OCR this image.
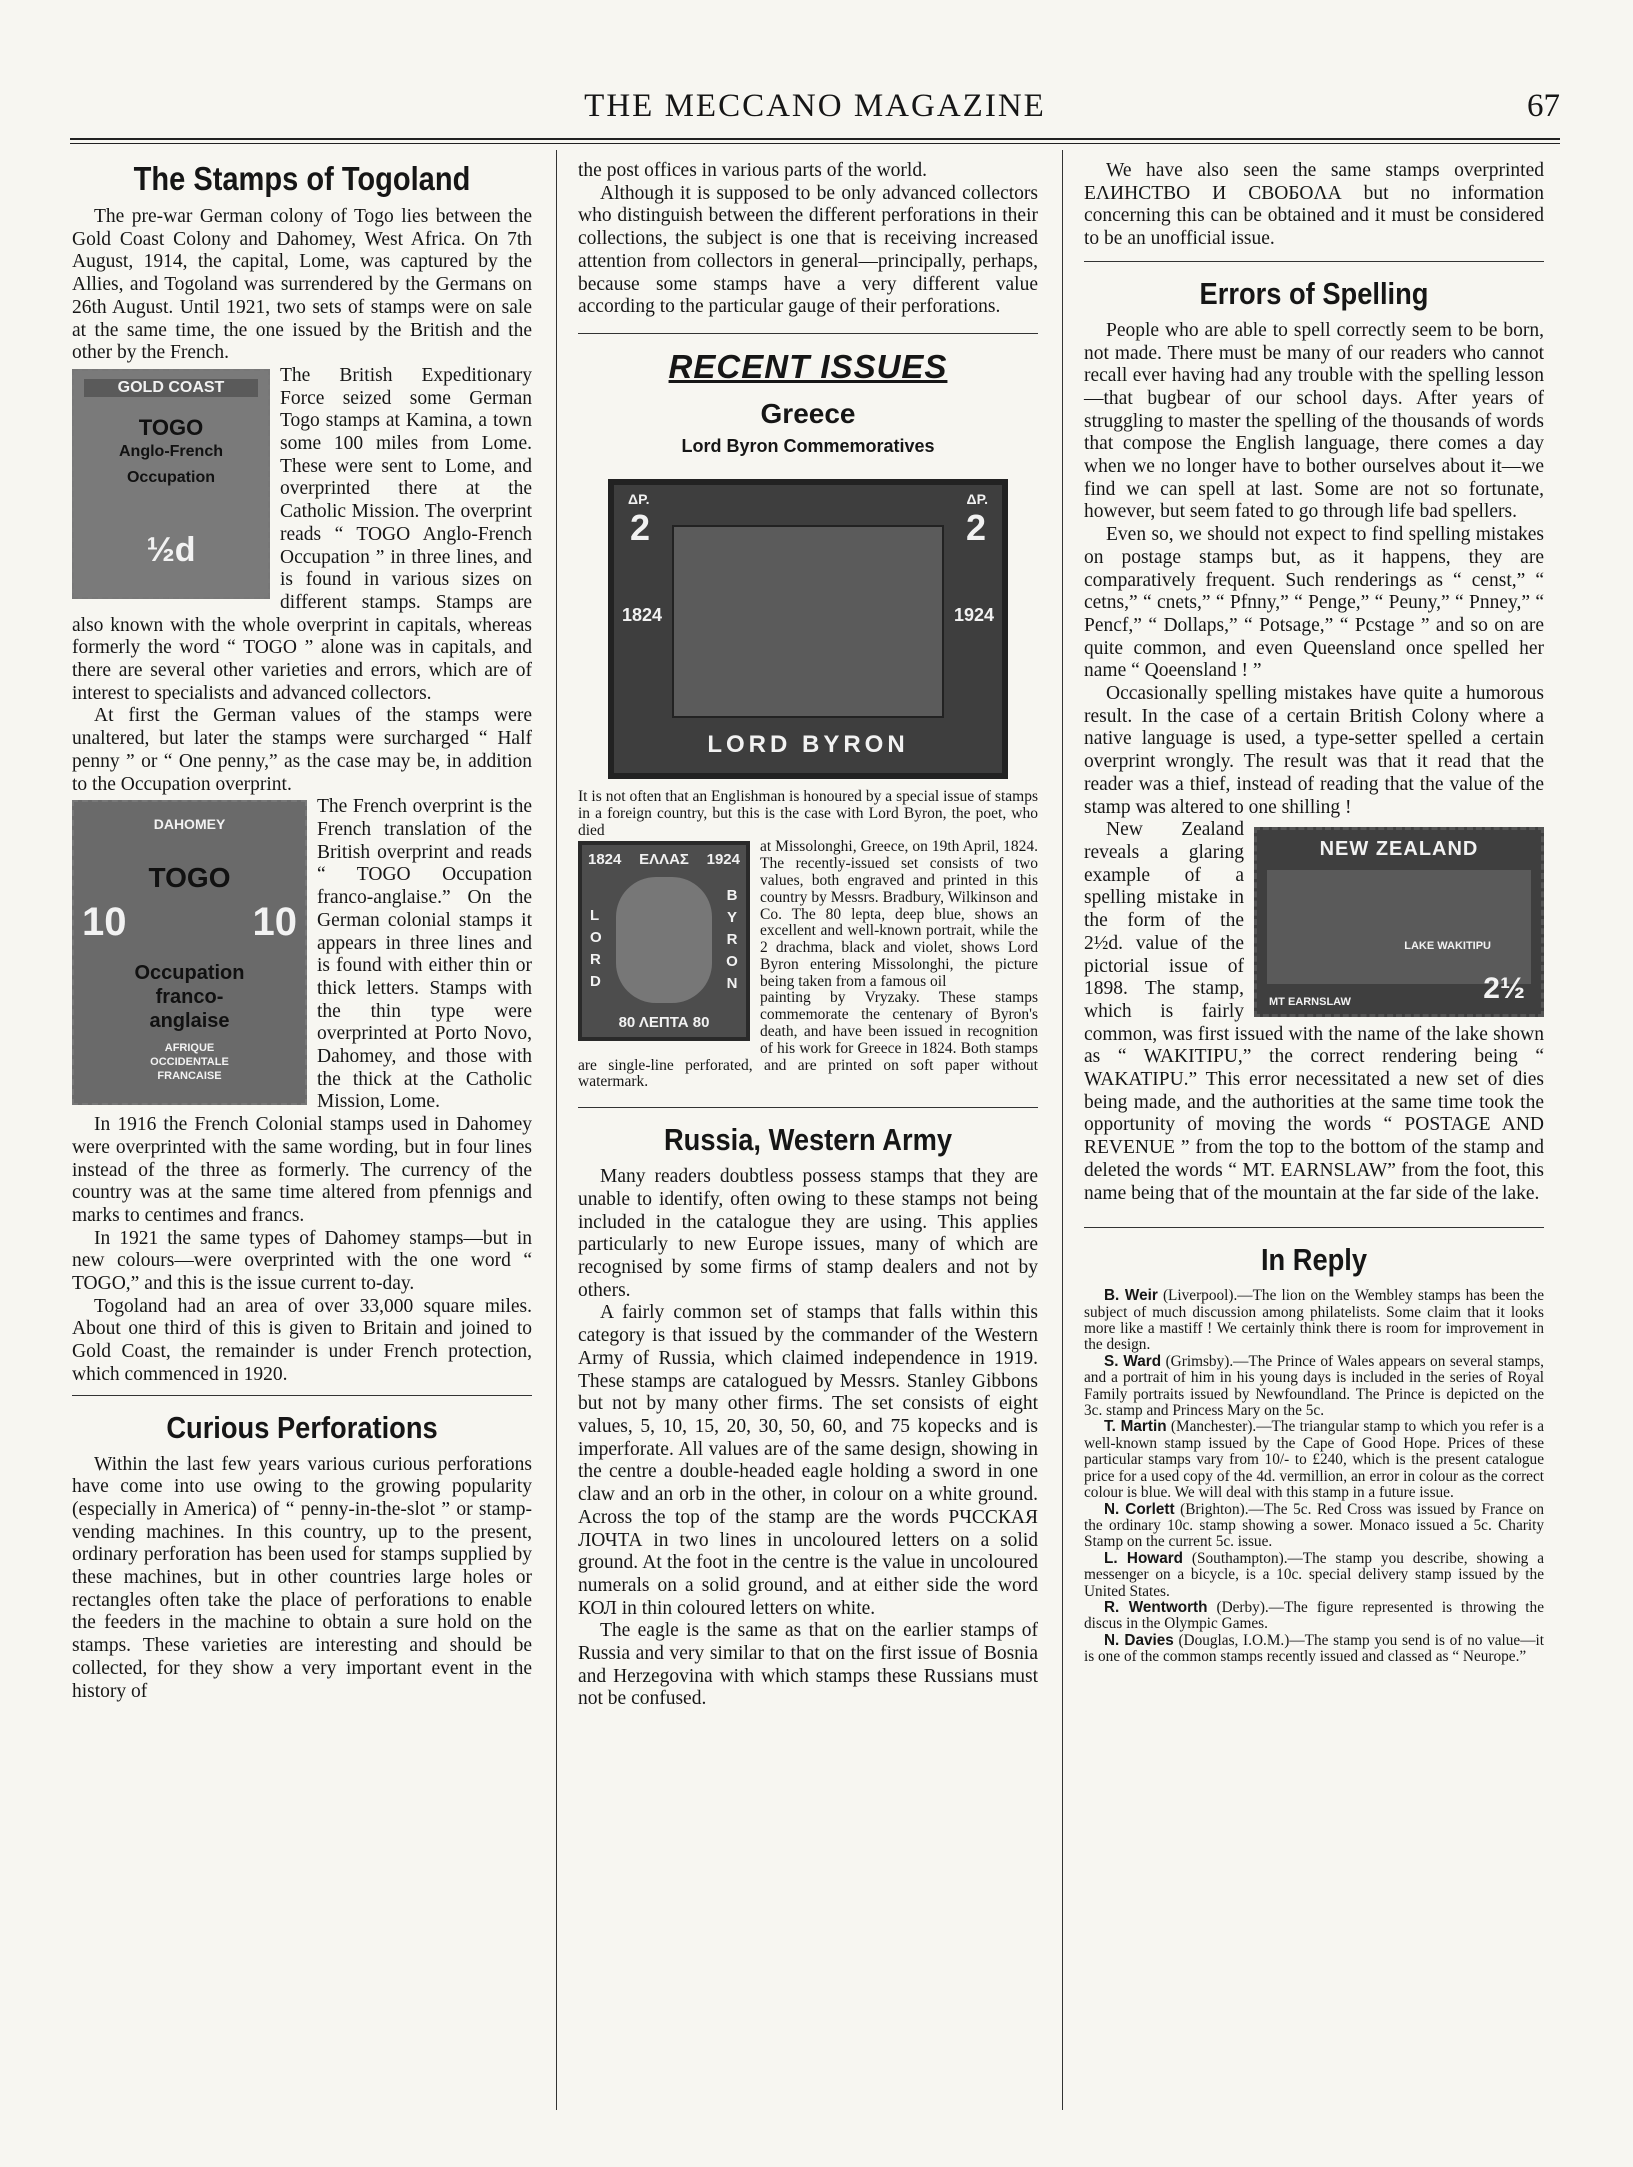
THE MECCANO MAGAZINE	67
The Stamps of Togoland

The pre-war German colony of Togo lies between the Gold Coast Colony and Dahomey, West Africa. On 7th August, 1914, the capital, Lome, was captured by the Allies, and Togoland was surrendered by the Germans on 26th August. Until 1921, two sets of stamps were on sale at the same time, the one issued by the British and the other by the French.

GOLD COAST
TOGO
Anglo-French
Occupation
½d

The British Expeditionary Force seized some German Togo stamps at Kamina, a town some 100 miles from Lome. These were sent to Lome, and overprinted there at the Catholic Mission. The overprint reads “ TOGO Anglo-French Occupation ” in three lines, and is found in various sizes on different stamps. Stamps are also known with the whole overprint in capitals, whereas formerly the word “ TOGO ” alone was in capitals, and there are several other varieties and errors, which are of interest to specialists and advanced collectors.

At first the German values of the stamps were unaltered, but later the stamps were surcharged “ Half penny ” or “ One penny,” as the case may be, in addition to the Occupation overprint.

DAHOMEY
TOGO
10	10
Occupation
franco-
anglaise
AFRIQUE
OCCIDENTALE
FRANCAISE

The French overprint is the French translation of the British overprint and reads “ TOGO Occupation franco-anglaise.” On the German colonial stamps it appears in three lines and is found with either thin or thick letters. Stamps with the thin type were overprinted at Porto Novo, Dahomey, and those with the thick at the Catholic Mission, Lome.

In 1916 the French Colonial stamps used in Dahomey were overprinted with the same wording, but in four lines instead of the three as formerly. The currency of the country was at the same time altered from pfennigs and marks to centimes and francs.

In 1921 the same types of Dahomey stamps—but in new colours—were overprinted with the one word “ TOGO,” and this is the issue current to-day.

Togoland had an area of over 33,000 square miles. About one third of this is given to Britain and joined to Gold Coast, the remainder is under French protection, which commenced in 1920.

Curious Perforations

Within the last few years various curious perforations have come into use owing to the growing popularity (especially in America) of “ penny-in-the-slot ” or stamp-vending machines. In this country, up to the present, ordinary perforation has been used for stamps supplied by these machines, but in other countries large holes or rectangles often take the place of perforations to enable the feeders in the machine to obtain a sure hold on the stamps. These varieties are interesting and should be collected, for they show a very important event in the history of

the post offices in various parts of the world.

Although it is supposed to be only advanced collectors who distinguish between the different perforations in their collections, the subject is one that is receiving increased attention from collectors in general—principally, perhaps, because some stamps have a very different value according to the particular gauge of their perforations.

RECENT ISSUES
Greece
Lord Byron Commemoratives
ΔΡ.	ΔΡ.
2	2
1824	1924
LORD BYRON

It is not often that an Englishman is honoured by a special issue of stamps in a foreign country, but this is the case with Lord Byron, the poet, who died

1824	ΕΛΛΑΣ	1924
LORD
BYRON
80 ΛΕΠΤΑ 80

at Missolonghi, Greece, on 19th April, 1824. The recently-issued set consists of two values, both engraved and printed in this country by Messrs. Bradbury, Wilkinson and Co. The 80 lepta, deep blue, shows an excellent and well-known portrait, while the 2 drachma, black and violet, shows Lord Byron entering Missolonghi, the picture being taken from a famous oil

painting by Vryzaky. These stamps commemorate the centenary of Byron's death, and have been issued in recognition of his work for Greece in 1824. Both stamps are single-line perforated, and are printed on soft paper without watermark.

Russia, Western Army

Many readers doubtless possess stamps that they are unable to identify, often owing to these stamps not being included in the catalogue they are using. This applies particularly to new Europe issues, many of which are recognised by some firms of stamp dealers and not by others.

A fairly common set of stamps that falls within this category is that issued by the commander of the Western Army of Russia, which claimed independence in 1919. These stamps are catalogued by Messrs. Stanley Gibbons but not by many other firms. The set consists of eight values, 5, 10, 15, 20, 30, 50, 60, and 75 kopecks and is imperforate. All values are of the same design, showing in the centre a double-headed eagle holding a sword in one claw and an orb in the other, in colour on a white ground. Across the top of the stamp are the words РЧССКАЯ ЛОЧТА in two lines in uncoloured letters on a solid ground. At the foot in the centre is the value in uncoloured numerals on a solid ground, and at either side the word КОЛ in thin coloured letters on white.

The eagle is the same as that on the earlier stamps of Russia and very similar to that on the first issue of Bosnia and Herzegovina with which stamps these Russians must not be confused.

We have also seen the same stamps overprinted ЕΛИНСТВО И СВОБОΛА but no information concerning this can be obtained and it must be considered to be an unofficial issue.

Errors of Spelling

People who are able to spell correctly seem to be born, not made. There must be many of our readers who cannot recall ever having had any trouble with the spelling lesson—that bugbear of our school days. After years of struggling to master the spelling of the thousands of words that compose the English language, there comes a day when we no longer have to bother ourselves about it—we find we can spell at last. Some are not so fortunate, however, but seem fated to go through life bad spellers.

Even so, we should not expect to find spelling mistakes on postage stamps but, as it happens, they are comparatively frequent. Such renderings as “ censt,” “ cetns,” “ cnets,” “ Pfnny,” “ Penge,” “ Peuny,” “ Pnney,” “ Pencf,” “ Dollaps,” “ Potsage,” “ Pcstage ” and so on are quite common, and even Queensland once spelled her name “ Qoeensland ! ”

Occasionally spelling mistakes have quite a humorous result. In the case of a certain British Colony where a native language is used, a type-setter spelled a certain overprint wrongly. The result was that it read that the reader was a thief, instead of reading that the value of the stamp was altered to one shilling !

NEW ZEALAND
LAKE WAKITIPU
MT EARNSLAW	2½

New Zealand reveals a glaring example of a spelling mistake in the form of the 2½d. value of the pictorial issue of 1898. The stamp, which is fairly common, was first issued with the name of the lake shown as “ WAKITIPU,” the correct rendering being “ WAKATIPU.” This error necessitated a new set of dies being made, and the authorities at the same time took the opportunity of moving the words “ POSTAGE AND REVENUE ” from the top to the bottom of the stamp and deleted the words “ MT. EARNSLAW” from the foot, this name being that of the mountain at the far side of the lake.

In Reply

B. Weir (Liverpool).—The lion on the Wembley stamps has been the subject of much discussion among philatelists. Some claim that it looks more like a mastiff ! We certainly think there is room for improvement in the design.

S. Ward (Grimsby).—The Prince of Wales appears on several stamps, and a portrait of him in his young days is included in the series of Royal Family portraits issued by Newfoundland. The Prince is depicted on the 3c. stamp and Princess Mary on the 5c.

T. Martin (Manchester).—The triangular stamp to which you refer is a well-known stamp issued by the Cape of Good Hope. Prices of these particular stamps vary from 10/- to £240, which is the present catalogue price for a used copy of the 4d. vermillion, an error in colour as the correct colour is blue. We will deal with this stamp in a future issue.

N. Corlett (Brighton).—The 5c. Red Cross was issued by France on the ordinary 10c. stamp showing a sower. Monaco issued a 5c. Charity Stamp on the current 5c. issue.

L. Howard (Southampton).—The stamp you describe, showing a messenger on a bicycle, is a 10c. special delivery stamp issued by the United States.

R. Wentworth (Derby).—The figure represented is throwing the discus in the Olympic Games.

N. Davies (Douglas, I.O.M.)—The stamp you send is of no value—it is one of the common stamps recently issued and classed as “ Neurope.”
